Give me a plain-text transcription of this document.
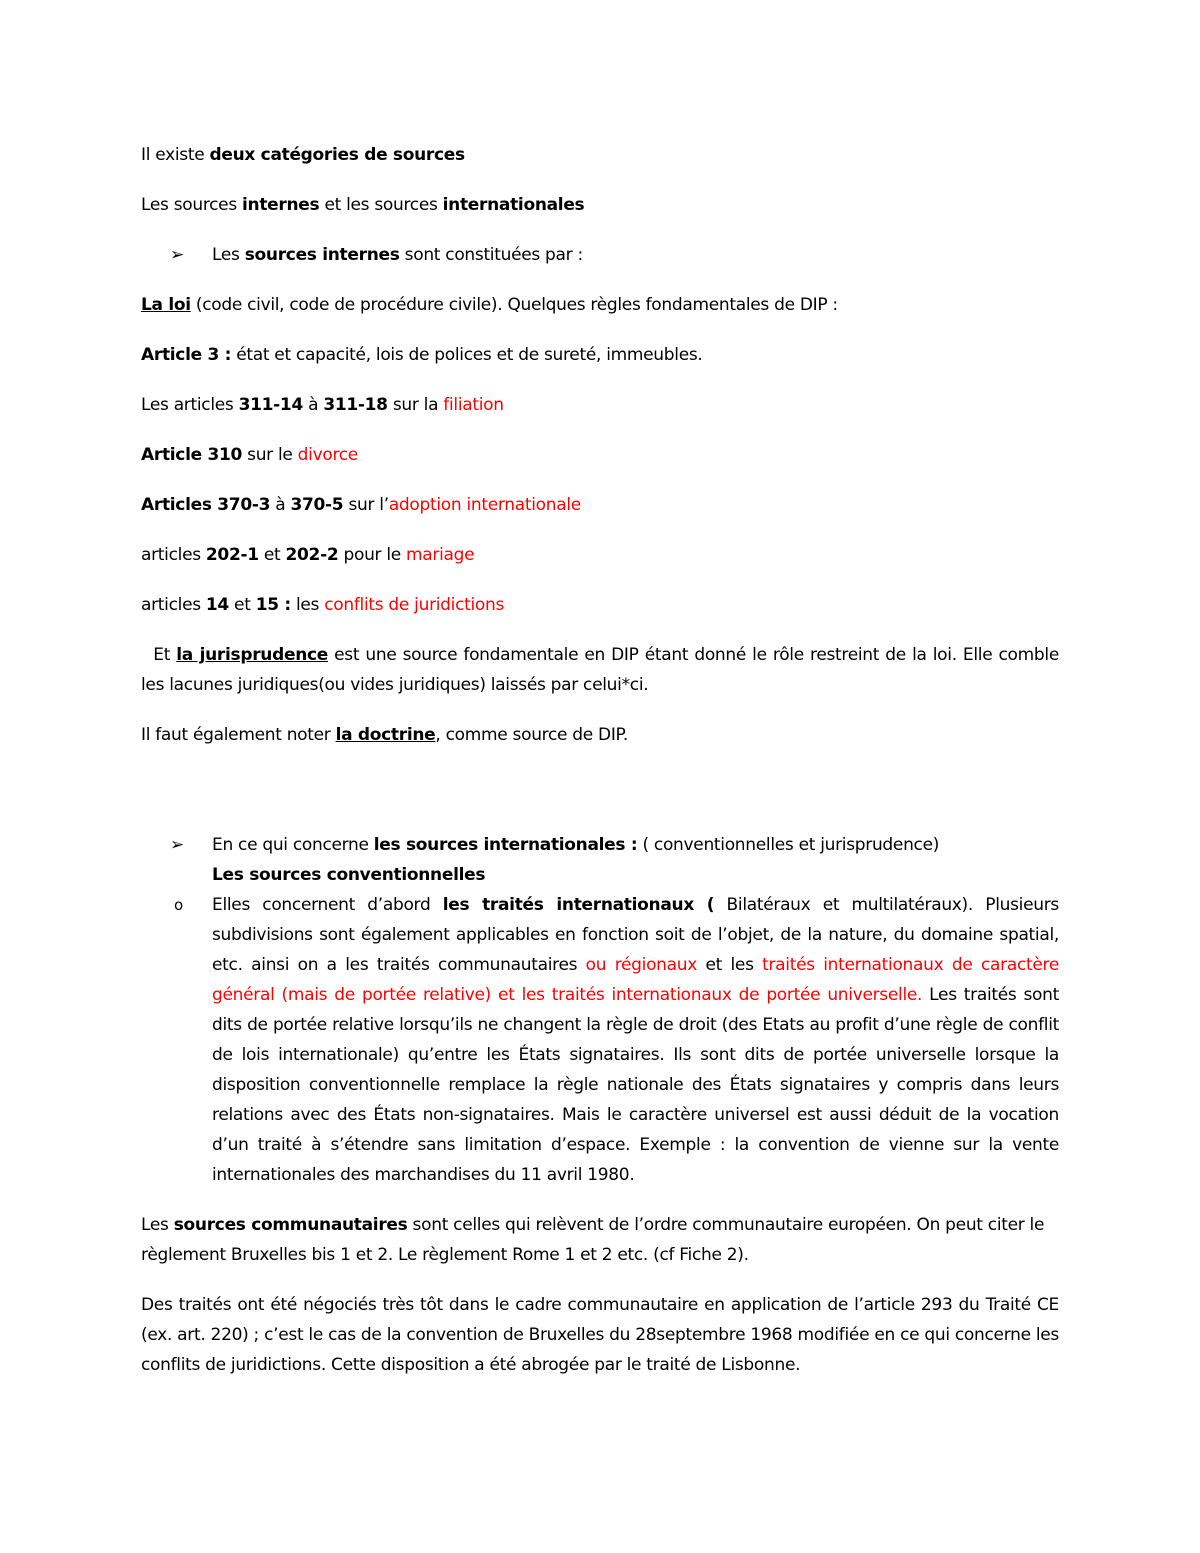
Il existe deux catégories de sources

Les sources internes et les sources internationales

➢ Les sources internes sont constituées par :

La loi (code civil, code de procédure civile). Quelques règles fondamentales de DIP :

Article 3 : état et capacité, lois de polices et de sureté, immeubles.

Les articles 311-14 à 311-18 sur la filiation

Article 310 sur le divorce

Articles 370-3 à 370-5 sur l’adoption internationale

articles 202-1 et 202-2 pour le mariage

articles 14 et 15 : les conflits de juridictions

Et la jurisprudence est une source fondamentale en DIP étant donné le rôle restreint de la loi. Elle comble les lacunes juridiques(ou vides juridiques) laissés par celui*ci.

Il faut également noter la doctrine, comme source de DIP.

➢ En ce qui concerne les sources internationales : ( conventionnelles et jurisprudence)
Les sources conventionnelles
o Elles concernent d’abord les traités internationaux ( Bilatéraux et multilatéraux). Plusieurs subdivisions sont également applicables en fonction soit de l’objet, de la nature, du domaine spatial, etc. ainsi on a les traités communautaires ou régionaux et les traités internationaux de caractère général (mais de portée relative) et les traités internationaux de portée universelle. Les traités sont dits de portée relative lorsqu’ils ne changent la règle de droit (des Etats au profit d’une règle de conflit de lois internationale) qu’entre les États signataires. Ils sont dits de portée universelle lorsque la disposition conventionnelle remplace la règle nationale des États signataires y compris dans leurs relations avec des États non-signataires. Mais le caractère universel est aussi déduit de la vocation d’un traité à s’étendre sans limitation d’espace. Exemple : la convention de vienne sur la vente internationales des marchandises du 11 avril 1980.

Les sources communautaires sont celles qui relèvent de l’ordre communautaire européen. On peut citer le règlement Bruxelles bis 1 et 2. Le règlement Rome 1 et 2 etc. (cf Fiche 2).

Des traités ont été négociés très tôt dans le cadre communautaire en application de l’article 293 du Traité CE (ex. art. 220) ; c’est le cas de la convention de Bruxelles du 28septembre 1968 modifiée en ce qui concerne les conflits de juridictions. Cette disposition a été abrogée par le traité de Lisbonne.
